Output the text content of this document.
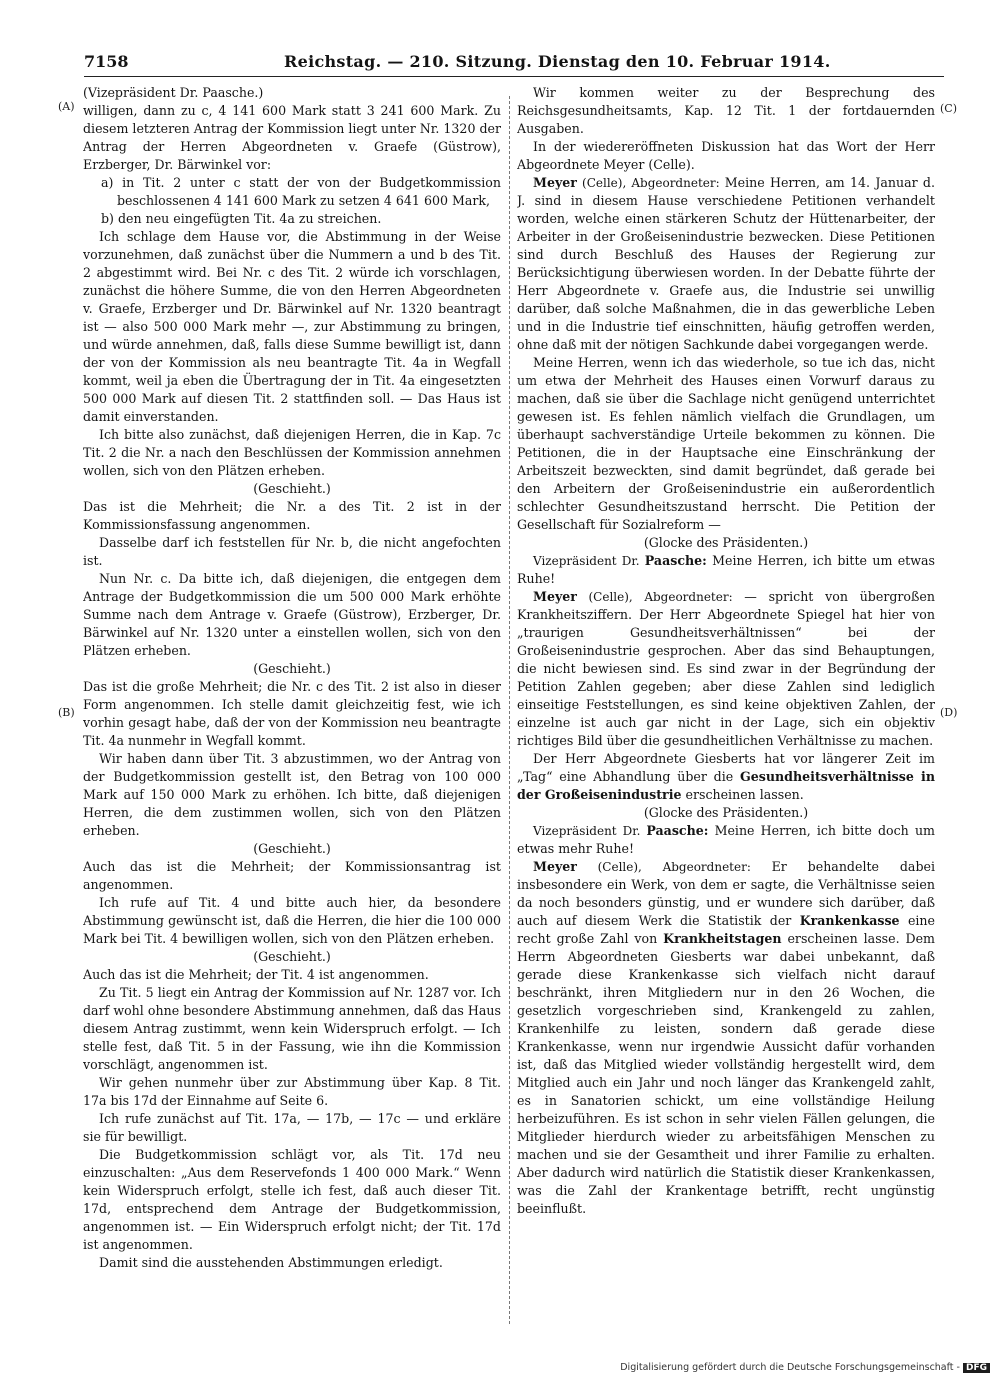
7158	Reichstag. — 210. Sitzung. Dienstag den 10. Februar 1914.
(A)
(B)
(C)
(D)

(Vizepräsident Dr. Paasche.)

willigen, dann zu c, 4 141 600 Mark statt 3 241 600 Mark. Zu diesem letzteren Antrag der Kommission liegt unter Nr. 1320 der Antrag der Herren Abgeordneten v. Graefe (Güstrow), Erzberger, Dr. Bärwinkel vor:

a) in Tit. 2 unter c statt der von der Budgetkommission beschlossenen 4 141 600 Mark zu setzen 4 641 600 Mark,

b) den neu eingefügten Tit. 4a zu streichen.

Ich schlage dem Hause vor, die Abstimmung in der Weise vorzunehmen, daß zunächst über die Nummern a und b des Tit. 2 abgestimmt wird. Bei Nr. c des Tit. 2 würde ich vorschlagen, zunächst die höhere Summe, die von den Herren Abgeordneten v. Graefe, Erzberger und Dr. Bärwinkel auf Nr. 1320 beantragt ist — also 500 000 Mark mehr —, zur Abstimmung zu bringen, und würde annehmen, daß, falls diese Summe bewilligt ist, dann der von der Kommission als neu beantragte Tit. 4a in Wegfall kommt, weil ja eben die Übertragung der in Tit. 4a eingesetzten 500 000 Mark auf diesen Tit. 2 stattfinden soll. — Das Haus ist damit einverstanden.

Ich bitte also zunächst, daß diejenigen Herren, die in Kap. 7c Tit. 2 die Nr. a nach den Beschlüssen der Kommission annehmen wollen, sich von den Plätzen erheben.

(Geschieht.)

Das ist die Mehrheit; die Nr. a des Tit. 2 ist in der Kommissionsfassung angenommen.

Dasselbe darf ich feststellen für Nr. b, die nicht angefochten ist.

Nun Nr. c. Da bitte ich, daß diejenigen, die entgegen dem Antrage der Budgetkommission die um 500 000 Mark erhöhte Summe nach dem Antrage v. Graefe (Güstrow), Erzberger, Dr. Bärwinkel auf Nr. 1320 unter a einstellen wollen, sich von den Plätzen erheben.

(Geschieht.)

Das ist die große Mehrheit; die Nr. c des Tit. 2 ist also in dieser Form angenommen. Ich stelle damit gleichzeitig fest, wie ich vorhin gesagt habe, daß der von der Kommission neu beantragte Tit. 4a nunmehr in Wegfall kommt.

Wir haben dann über Tit. 3 abzustimmen, wo der Antrag von der Budgetkommission gestellt ist, den Betrag von 100 000 Mark auf 150 000 Mark zu erhöhen. Ich bitte, daß diejenigen Herren, die dem zustimmen wollen, sich von den Plätzen erheben.

(Geschieht.)

Auch das ist die Mehrheit; der Kommissionsantrag ist angenommen.

Ich rufe auf Tit. 4 und bitte auch hier, da besondere Abstimmung gewünscht ist, daß die Herren, die hier die 100 000 Mark bei Tit. 4 bewilligen wollen, sich von den Plätzen erheben.

(Geschieht.)

Auch das ist die Mehrheit; der Tit. 4 ist angenommen.

Zu Tit. 5 liegt ein Antrag der Kommission auf Nr. 1287 vor. Ich darf wohl ohne besondere Abstimmung annehmen, daß das Haus diesem Antrag zustimmt, wenn kein Widerspruch erfolgt. — Ich stelle fest, daß Tit. 5 in der Fassung, wie ihn die Kommission vorschlägt, angenommen ist.

Wir gehen nunmehr über zur Abstimmung über Kap. 8 Tit. 17a bis 17d der Einnahme auf Seite 6.

Ich rufe zunächst auf Tit. 17a, — 17b, — 17c — und erkläre sie für bewilligt.

Die Budgetkommission schlägt vor, als Tit. 17d neu einzuschalten: „Aus dem Reservefonds 1 400 000 Mark.“ Wenn kein Widerspruch erfolgt, stelle ich fest, daß auch dieser Tit. 17d, entsprechend dem Antrage der Budgetkommission, angenommen ist. — Ein Widerspruch erfolgt nicht; der Tit. 17d ist angenommen.

Damit sind die ausstehenden Abstimmungen erledigt.

Wir kommen weiter zu der Besprechung des Reichsgesundheitsamts, Kap. 12 Tit. 1 der fortdauernden Ausgaben.

In der wiedereröffneten Diskussion hat das Wort der Herr Abgeordnete Meyer (Celle).

Meyer (Celle), Abgeordneter: Meine Herren, am 14. Januar d. J. sind in diesem Hause verschiedene Petitionen verhandelt worden, welche einen stärkeren Schutz der Hüttenarbeiter, der Arbeiter in der Großeisenindustrie bezwecken. Diese Petitionen sind durch Beschluß des Hauses der Regierung zur Berücksichtigung überwiesen worden. In der Debatte führte der Herr Abgeordnete v. Graefe aus, die Industrie sei unwillig darüber, daß solche Maßnahmen, die in das gewerbliche Leben und in die Industrie tief einschnitten, häufig getroffen werden, ohne daß mit der nötigen Sachkunde dabei vorgegangen werde.

Meine Herren, wenn ich das wiederhole, so tue ich das, nicht um etwa der Mehrheit des Hauses einen Vorwurf daraus zu machen, daß sie über die Sachlage nicht genügend unterrichtet gewesen ist. Es fehlen nämlich vielfach die Grundlagen, um überhaupt sachverständige Urteile bekommen zu können. Die Petitionen, die in der Hauptsache eine Einschränkung der Arbeitszeit bezweckten, sind damit begründet, daß gerade bei den Arbeitern der Großeisenindustrie ein außerordentlich schlechter Gesundheitszustand herrscht. Die Petition der Gesellschaft für Sozialreform —

(Glocke des Präsidenten.)

Vizepräsident Dr. Paasche: Meine Herren, ich bitte um etwas Ruhe!

Meyer (Celle), Abgeordneter: — spricht von übergroßen Krankheitsziffern. Der Herr Abgeordnete Spiegel hat hier von „traurigen Gesundheitsverhältnissen“ bei der Großeisenindustrie gesprochen. Aber das sind Behauptungen, die nicht bewiesen sind. Es sind zwar in der Begründung der Petition Zahlen gegeben; aber diese Zahlen sind lediglich einseitige Feststellungen, es sind keine objektiven Zahlen, der einzelne ist auch gar nicht in der Lage, sich ein objektiv richtiges Bild über die gesundheitlichen Verhältnisse zu machen.

Der Herr Abgeordnete Giesberts hat vor längerer Zeit im „Tag“ eine Abhandlung über die Gesundheitsverhältnisse in der Großeisenindustrie erscheinen lassen.

(Glocke des Präsidenten.)

Vizepräsident Dr. Paasche: Meine Herren, ich bitte doch um etwas mehr Ruhe!

Meyer (Celle), Abgeordneter: Er behandelte dabei insbesondere ein Werk, von dem er sagte, die Verhältnisse seien da noch besonders günstig, und er wundere sich darüber, daß auch auf diesem Werk die Statistik der Krankenkasse eine recht große Zahl von Krankheitstagen erscheinen lasse. Dem Herrn Abgeordneten Giesberts war dabei unbekannt, daß gerade diese Krankenkasse sich vielfach nicht darauf beschränkt, ihren Mitgliedern nur in den 26 Wochen, die gesetzlich vorgeschrieben sind, Krankengeld zu zahlen, Krankenhilfe zu leisten, sondern daß gerade diese Krankenkasse, wenn nur irgendwie Aussicht dafür vorhanden ist, daß das Mitglied wieder vollständig hergestellt wird, dem Mitglied auch ein Jahr und noch länger das Krankengeld zahlt, es in Sanatorien schickt, um eine vollständige Heilung herbeizuführen. Es ist schon in sehr vielen Fällen gelungen, die Mitglieder hierdurch wieder zu arbeitsfähigen Menschen zu machen und sie der Gesamtheit und ihrer Familie zu erhalten. Aber dadurch wird natürlich die Statistik dieser Krankenkassen, was die Zahl der Krankentage betrifft, recht ungünstig beeinflußt.

Digitalisierung gefördert durch die Deutsche Forschungsgemeinschaft - DFG
